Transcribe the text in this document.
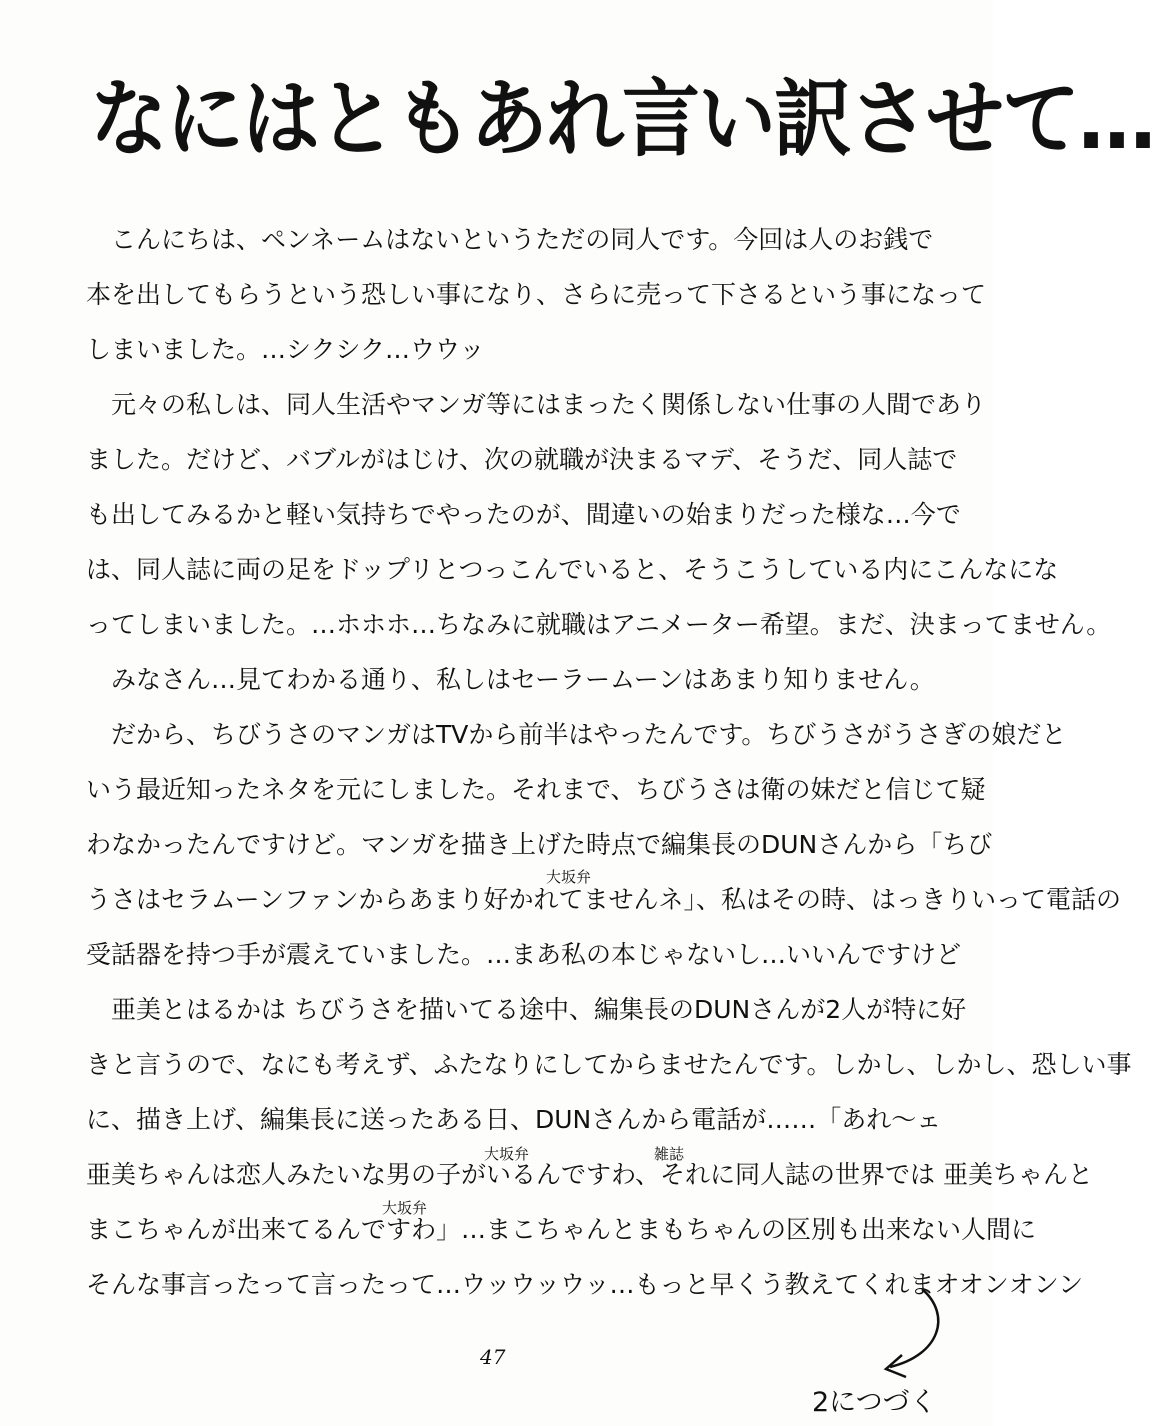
なにはともあれ言い訳させて…
　こんにちは、ペンネームはないというただの同人です。今回は人のお銭で
本を出してもらうという恐しい事になり、さらに売って下さるという事になって
しまいました。…シクシク…ウウッ
　元々の私しは、同人生活やマンガ等にはまったく関係しない仕事の人間であり
ました。だけど、バブルがはじけ、次の就職が決まるマデ、そうだ、同人誌で
も出してみるかと軽い気持ちでやったのが、間違いの始まりだった様な…今で
は、同人誌に両の足をドップリとつっこんでいると、そうこうしている内にこんなにな
ってしまいました。…ホホホ…ちなみに就職はアニメーター希望。まだ、決まってません。
　みなさん…見てわかる通り、私しはセーラームーンはあまり知りません。
　だから、ちびうさのマンガはTVから前半はやったんです。ちびうさがうさぎの娘だと
いう最近知ったネタを元にしました。それまで、ちびうさは衛の妹だと信じて疑
わなかったんですけど。マンガを描き上げた時点で編集長のDUNさんから「ちび
うさはセラムーンファンからあまり好かれてませんネ」、私はその時、はっきりいって電話の
受話器を持つ手が震えていました。…まあ私の本じゃないし…いいんですけど
　亜美とはるかは ちびうさを描いてる途中、編集長のDUNさんが2人が特に好
きと言うので、なにも考えず、ふたなりにしてからませたんです。しかし、しかし、恐しい事
に、描き上げ、編集長に送ったある日、DUNさんから電話が……「あれ〜ェ
亜美ちゃんは恋人みたいな男の子がいるんですわ、それに同人誌の世界では 亜美ちゃんと
まこちゃんが出来てるんですわ」…まこちゃんとまもちゃんの区別も出来ない人間に
そんな事言ったって言ったって…ウッウッウッ…もっと早くう教えてくれまオオンオンン
大坂弁
大坂弁	雑誌
大坂弁
47
2につづく
